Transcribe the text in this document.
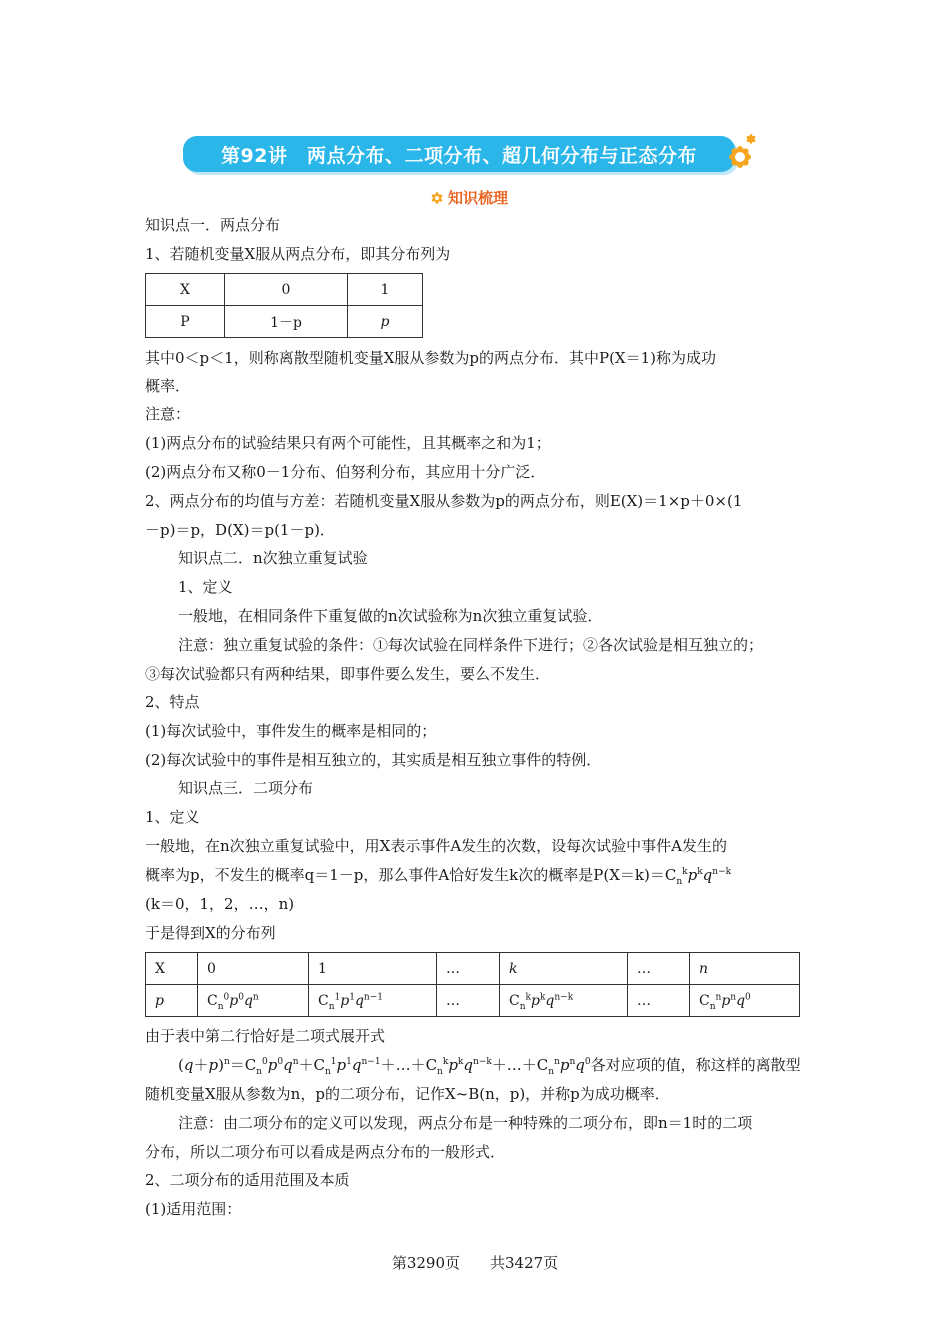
第92讲　两点分布、二项分布、超几何分布与正态分布
知识梳理
知识点一．两点分布
1、若随机变量X服从两点分布，即其分布列为
X	0	1
P	1－p	p
其中0＜p＜1，则称离散型随机变量X服从参数为p的两点分布．其中P(X＝1)称为成功
概率．
注意：
(1)两点分布的试验结果只有两个可能性，且其概率之和为1；
(2)两点分布又称0－1分布、伯努利分布，其应用十分广泛．
2、两点分布的均值与方差：若随机变量X服从参数为p的两点分布，则E(X)＝1×p＋0×(1
－p)＝p，D(X)＝p(1－p)．
知识点二．n次独立重复试验
1、定义
一般地，在相同条件下重复做的n次试验称为n次独立重复试验．
注意：独立重复试验的条件：①每次试验在同样条件下进行；②各次试验是相互独立的；
③每次试验都只有两种结果，即事件要么发生，要么不发生．
2、特点
(1)每次试验中，事件发生的概率是相同的；
(2)每次试验中的事件是相互独立的，其实质是相互独立事件的特例．
知识点三．二项分布
1、定义
一般地，在n次独立重复试验中，用X表示事件A发生的次数，设每次试验中事件A发生的
概率为p，不发生的概率q＝1－p，那么事件A恰好发生k次的概率是$P(X=k)=C_n^kp^kq^{n-k}$
(k＝0，1，2，…，n)
于是得到X的分布列
X	0	1	…	k	…	n
p	$C_n^0p^0q^n$	$C_n^1p^1q^{n-1}$	…	$C_n^kp^kq^{n-k}$	…	$C_n^np^nq^0$
由于表中第二行恰好是二项式展开式
$(q+p)^n=C_n^0p^0q^n+C_n^1p^1q^{n-1}+\dots+C_n^kp^kq^{n-k}+\dots+C_n^np^nq^0$各对应项的值，称这样的离散型
随机变量X服从参数为n，p的二项分布，记作X~B(n，p)，并称p为成功概率．
注意：由二项分布的定义可以发现，两点分布是一种特殊的二项分布，即n＝1时的二项
分布，所以二项分布可以看成是两点分布的一般形式．
2、二项分布的适用范围及本质
(1)适用范围：
第3290页　　共3427页
